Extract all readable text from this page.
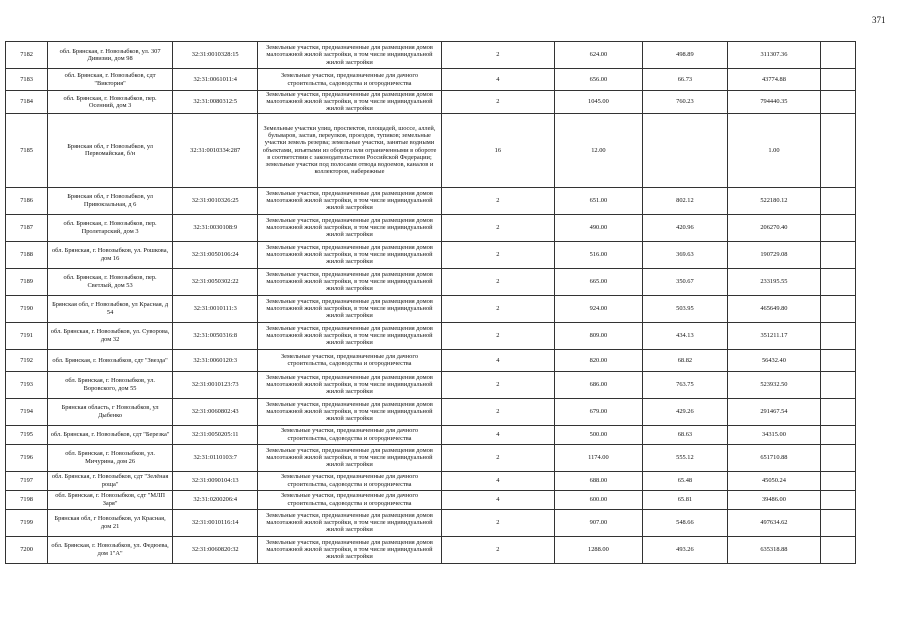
371
7182	обл. Брянская, г. Новозыбков, ул. 307 Дивизии, дом 98	32:31:0010328:15	Земельные участки, предназначенные для размещения домов малоэтажной жилой застройки, в том числе индивидуальной жилой застройки	2	624.00	498.89	311307.36	
7183	обл. Брянская, г. Новозыбков, сдт "Виктория"	32:31:0061011:4	Земельные участки, предназначенные для дачного строительства, садоводства и огородничества	4	656.00	66.73	43774.88	
7184	обл. Брянская, г. Новозыбков, пер. Осенний, дом 3	32:31:0080312:5	Земельные участки, предназначенные для размещения домов малоэтажной жилой застройки, в том числе индивидуальной жилой застройки	2	1045.00	760.23	794440.35	
7185	Брянская обл, г Новозыбков, ул Первомайская, б/н	32:31:0010334:287	Земельные участки улиц, проспектов, площадей, шоссе, аллей, бульваров, застав, переулков, проездов, тупиков; земельные участки земель резерва; земельные участки, занятые водными объектами, изъятыми из оборота или ограниченными в обороте в соответствии с законодательством Российской Федерации; земельные участки под полосами отвода водоемов, каналов и коллекторов, набережные	16	12.00		1.00	
7186	Брянская обл, г Новозыбков, ул Привокзальная, д 6	32:31:0010326:25	Земельные участки, предназначенные для размещения домов малоэтажной жилой застройки, в том числе индивидуальной жилой застройки	2	651.00	802.12	522180.12	
7187	обл. Брянская, г. Новозыбков, пер. Пролетарский, дом 3	32:31:0030108:9	Земельные участки, предназначенные для размещения домов малоэтажной жилой застройки, в том числе индивидуальной жилой застройки	2	490.00	420.96	206270.40	
7188	обл. Брянская, г. Новозыбков, ул. Рошкова, дом 16	32:31:0050106:24	Земельные участки, предназначенные для размещения домов малоэтажной жилой застройки, в том числе индивидуальной жилой застройки	2	516.00	369.63	190729.08	
7189	обл. Брянская, г. Новозыбков, пер. Светлый, дом 53	32:31:0050302:22	Земельные участки, предназначенные для размещения домов малоэтажной жилой застройки, в том числе индивидуальной жилой застройки	2	665.00	350.67	233195.55	
7190	Брянская обл, г Новозыбков, ул Красная, д 54	32:31:0010111:3	Земельные участки, предназначенные для размещения домов малоэтажной жилой застройки, в том числе индивидуальной жилой застройки	2	924.00	503.95	465649.80	
7191	обл. Брянская, г. Новозыбков, ул. Суворова, дом 32	32:31:0050316:8	Земельные участки, предназначенные для размещения домов малоэтажной жилой застройки, в том числе индивидуальной жилой застройки	2	809.00	434.13	351211.17	
7192	обл. Брянская, г. Новозыбков, сдт "Звезда"	32:31:0060120:3	Земельные участки, предназначенные для дачного строительства, садоводства и огородничества	4	820.00	68.82	56432.40	
7193	обл. Брянская, г. Новозыбков, ул. Воровского, дом 55	32:31:0010123:73	Земельные участки, предназначенные для размещения домов малоэтажной жилой застройки, в том числе индивидуальной жилой застройки	2	686.00	763.75	523932.50	
7194	Брянская область, г Новозыбков, ул Дыбенко	32:31:0060802:43	Земельные участки, предназначенные для размещения домов малоэтажной жилой застройки, в том числе индивидуальной жилой застройки	2	679.00	429.26	291467.54	
7195	обл. Брянская, г. Новозыбков, сдт "Березка"	32:31:0050205:11	Земельные участки, предназначенные для дачного строительства, садоводства и огородничества	4	500.00	68.63	34315.00	
7196	обл. Брянская, г. Новозыбков, ул. Мичурина, дом 26	32:31:0110103:7	Земельные участки, предназначенные для размещения домов малоэтажной жилой застройки, в том числе индивидуальной жилой застройки	2	1174.00	555.12	651710.88	
7197	обл. Брянская, г. Новозыбков, сдт "Зелёная роща"	32:31:0090104:13	Земельные участки, предназначенные для дачного строительства, садоводства и огородничества	4	688.00	65.48	45050.24	
7198	обл. Брянская, г. Новозыбков, сдт "МЛП Заря"	32:31:0200206:4	Земельные участки, предназначенные для дачного строительства, садоводства и огородничества	4	600.00	65.81	39486.00	
7199	Брянская обл, г Новозыбков, ул Красная, дом 21	32:31:0010116:14	Земельные участки, предназначенные для размещения домов малоэтажной жилой застройки, в том числе индивидуальной жилой застройки	2	907.00	548.66	497634.62	
7200	обл. Брянская, г. Новозыбков, ул. Федюева, дом 1"А"	32:31:0060820:32	Земельные участки, предназначенные для размещения домов малоэтажной жилой застройки, в том числе индивидуальной жилой застройки	2	1288.00	493.26	635318.88	
